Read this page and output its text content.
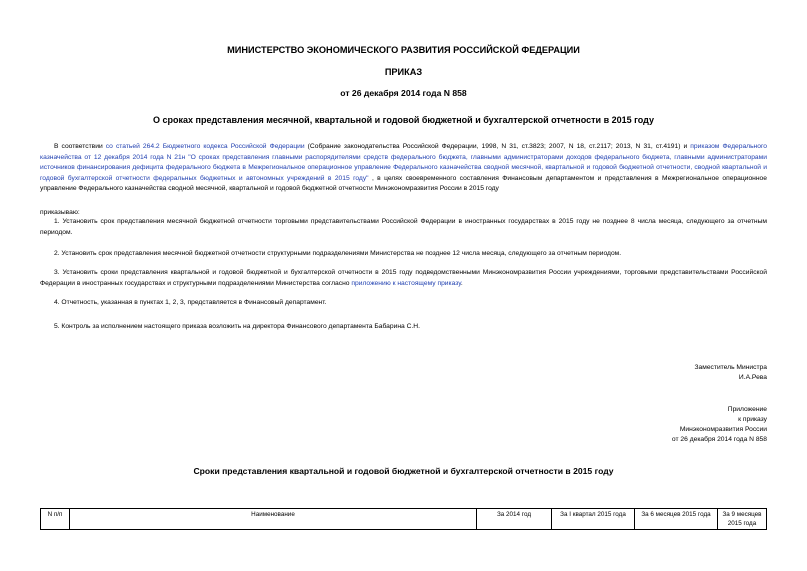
МИНИСТЕРСТВО ЭКОНОМИЧЕСКОГО РАЗВИТИЯ РОССИЙСКОЙ ФЕДЕРАЦИИ
ПРИКАЗ
от 26 декабря 2014 года N 858
О сроках представления месячной, квартальной и годовой бюджетной и бухгалтерской отчетности в 2015 году
В соответствии со статьей 264.2 Бюджетного кодекса Российской Федерации (Собрание законодательства Российской Федерации, 1998, N 31, ст.3823; 2007, N 18, ст.2117; 2013, N 31, ст.4191) и приказом Федерального казначейства от 12 декабря 2014 года N 21н "О сроках представления главными распорядителями средств федерального бюджета, главными администраторами доходов федерального бюджета, главными администраторами источников финансирования дефицита федерального бюджета в Межрегиональное операционное управление Федерального казначейства сводной месячной, квартальной и годовой бюджетной отчетности, сводной квартальной и годовой бухгалтерской отчетности федеральных бюджетных и автономных учреждений в 2015 году" , в целях своевременного составления Финансовым департаментом и представления в Межрегиональное операционное управление Федерального казначейства сводной месячной, квартальной и годовой бюджетной отчетности Минэкономразвития России в 2015 году
приказываю:
1. Установить срок представления месячной бюджетной отчетности торговыми представительствами Российской Федерации в иностранных государствах в 2015 году не позднее 8 числа месяца, следующего за отчетным периодом.
2. Установить срок представления месячной бюджетной отчетности структурными подразделениями Министерства не позднее 12 числа месяца, следующего за отчетным периодом.
3. Установить сроки представления квартальной и годовой бюджетной и бухгалтерской отчетности в 2015 году подведомственными Минэкономразвития России учреждениями, торговыми представительствами Российской Федерации в иностранных государствах и структурными подразделениями Министерства согласно приложению к настоящему приказу.
4. Отчетность, указанная в пунктах 1, 2, 3, представляется в Финансовый департамент.
5. Контроль за исполнением настоящего приказа возложить на директора Финансового департамента Бабарина С.Н.
Заместитель Министра
И.А.Рева
Приложение
к приказу
Минэкономразвития России
от 26 декабря 2014 года N 858
Сроки представления квартальной и годовой бюджетной и бухгалтерской отчетности в 2015 году
N п/п	Наименование	За 2014 год	За I квартал 2015 года	За 6 месяцев 2015 года	За 9 месяцев 2015 года
